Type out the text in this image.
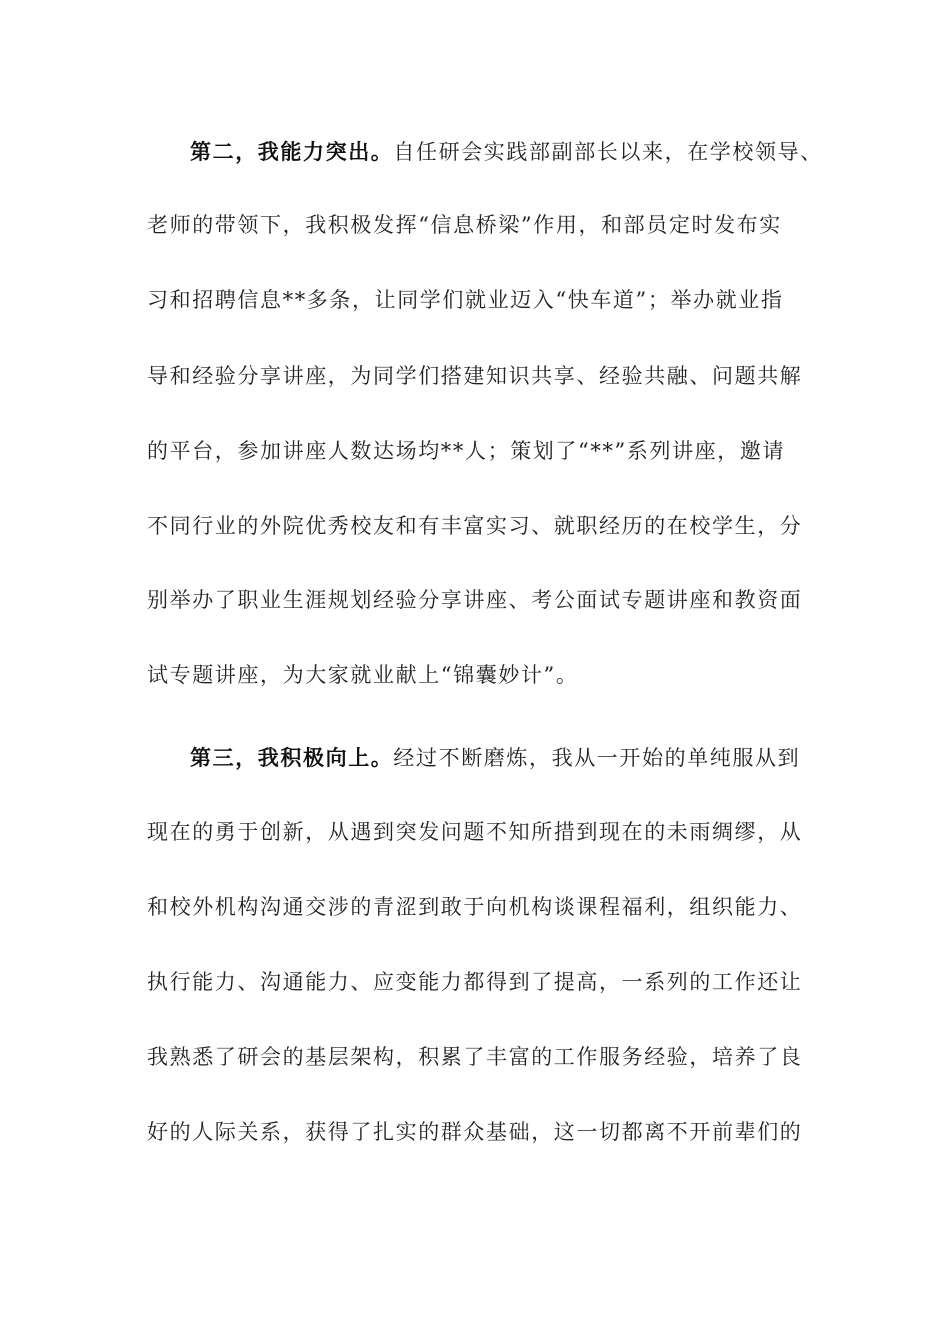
第二，我能力突出。自任研会实践部副部长以来，在学校领导、
老师的带领下，我积极发挥“信息桥梁”作用，和部员定时发布实
习和招聘信息**多条，让同学们就业迈入“快车道”；举办就业指
导和经验分享讲座，为同学们搭建知识共享、经验共融、问题共解
的平台，参加讲座人数达场均**人；策划了“**”系列讲座，邀请
不同行业的外院优秀校友和有丰富实习、就职经历的在校学生，分
别举办了职业生涯规划经验分享讲座、考公面试专题讲座和教资面
试专题讲座，为大家就业献上“锦囊妙计”。
第三，我积极向上。经过不断磨炼，我从一开始的单纯服从到
现在的勇于创新，从遇到突发问题不知所措到现在的未雨绸缪，从
和校外机构沟通交涉的青涩到敢于向机构谈课程福利，组织能力、
执行能力、沟通能力、应变能力都得到了提高，一系列的工作还让
我熟悉了研会的基层架构，积累了丰富的工作服务经验，培养了良
好的人际关系，获得了扎实的群众基础，这一切都离不开前辈们的
